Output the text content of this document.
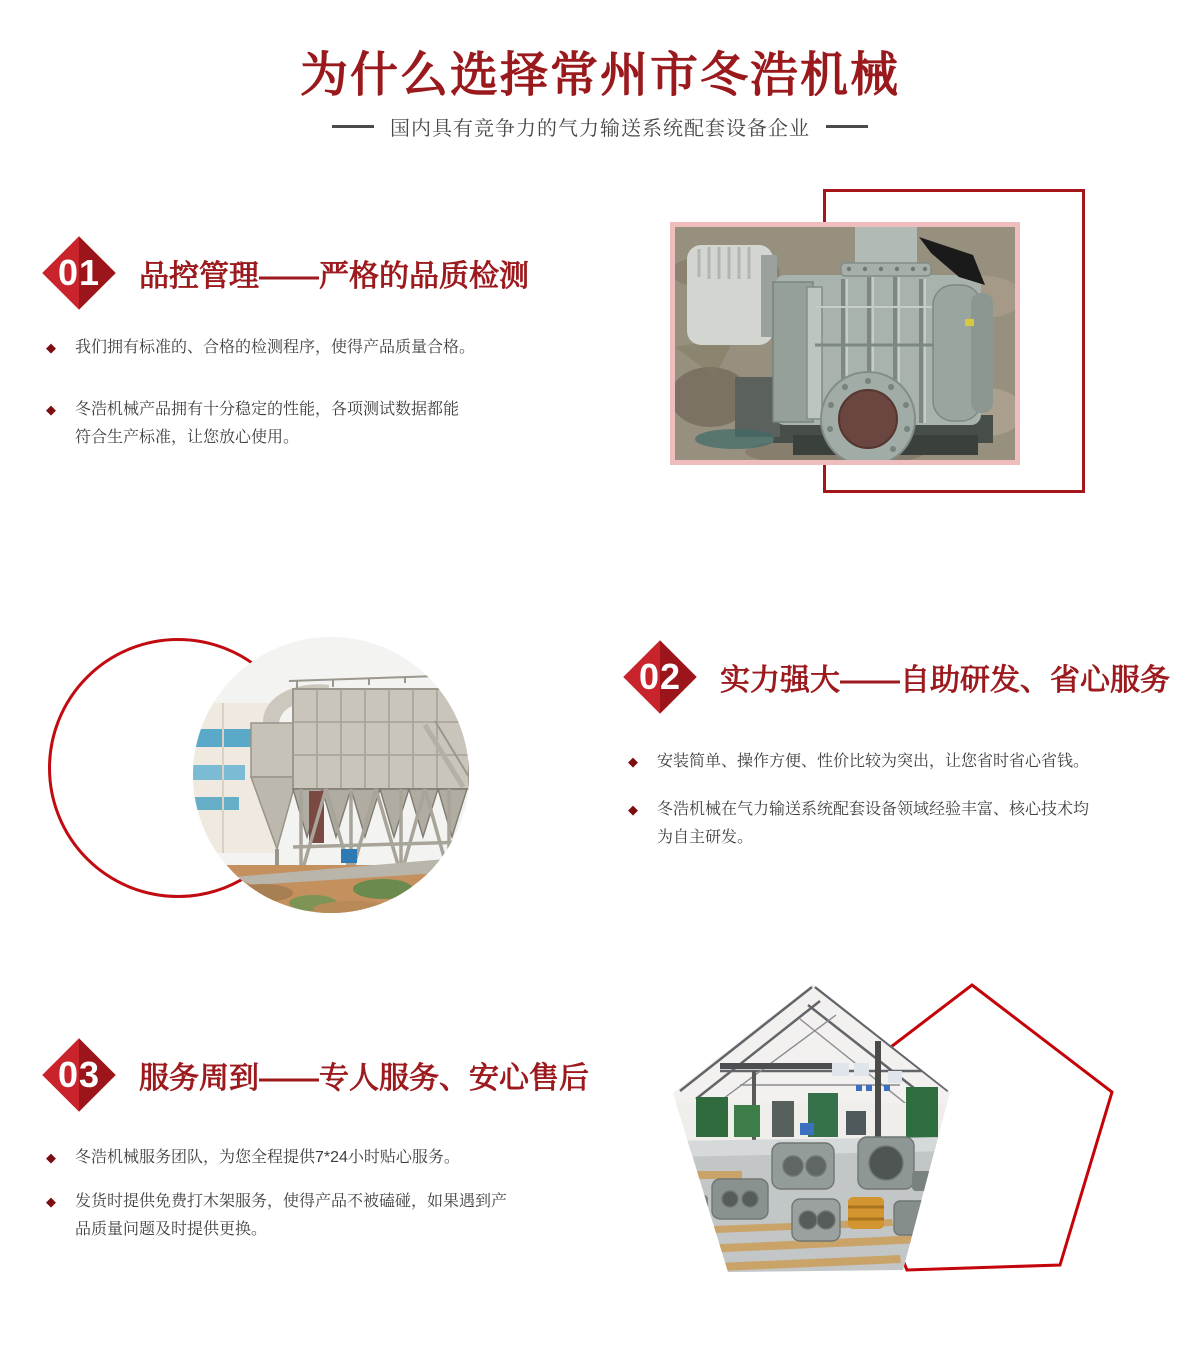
为什么选择常州市冬浩机械
国内具有竞争力的气力输送系统配套设备企业
01 品控管理——严格的品质检测
◆ 我们拥有标准的、合格的检测程序，使得产品质量合格。
◆ 冬浩机械产品拥有十分稳定的性能，各项测试数据都能
符合生产标准，让您放心使用。
02 实力强大——自助研发、省心服务
◆ 安装简单、操作方便、性价比较为突出，让您省时省心省钱。
◆ 冬浩机械在气力输送系统配套设备领域经验丰富、核心技术均
为自主研发。
03 服务周到——专人服务、安心售后
◆ 冬浩机械服务团队，为您全程提供7*24小时贴心服务。
◆ 发货时提供免费打木架服务，使得产品不被磕碰，如果遇到产
品质量问题及时提供更换。
